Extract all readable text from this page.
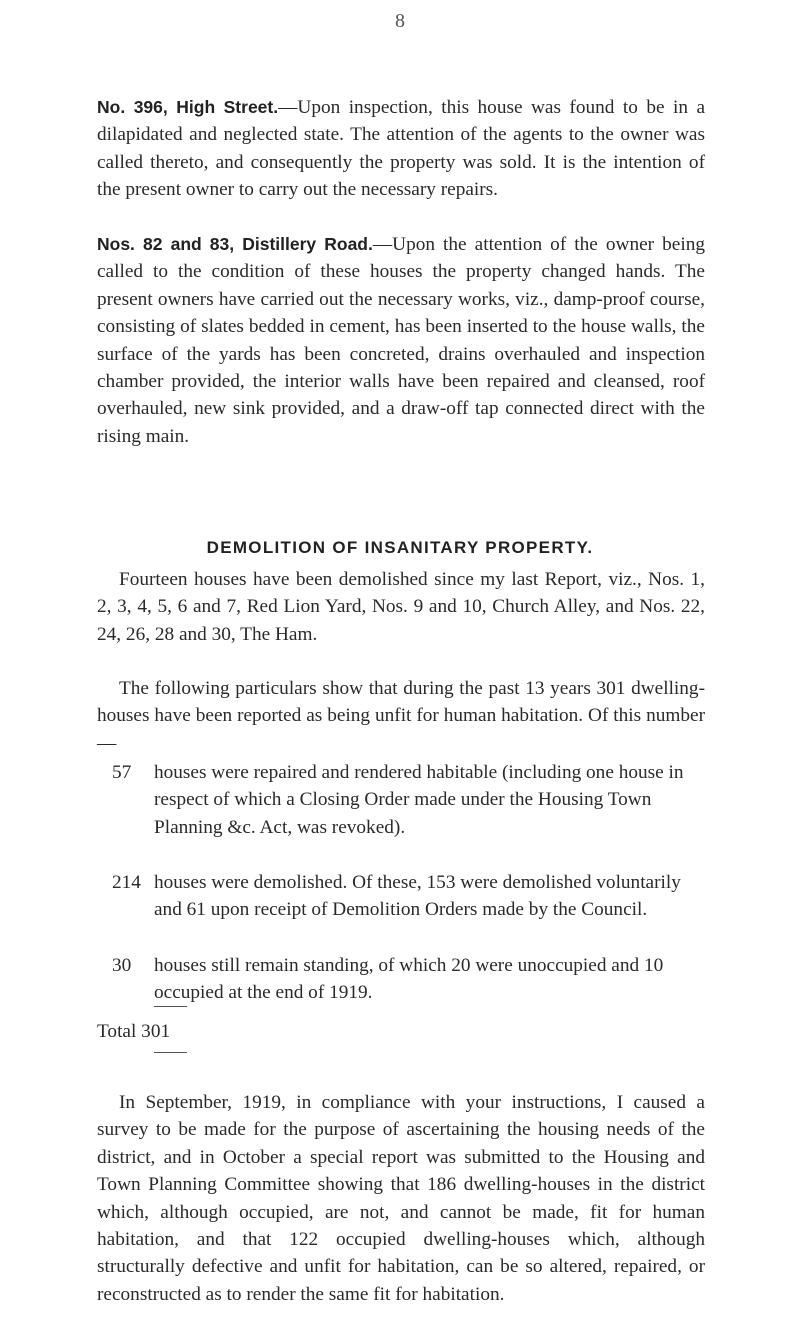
8

No. 396, High Street.—Upon inspection, this house was found to be in a dilapidated and neglected state. The attention of the agents to the owner was called thereto, and consequently the property was sold. It is the intention of the present owner to carry out the necessary repairs.

Nos. 82 and 83, Distillery Road.—Upon the attention of the owner being called to the condition of these houses the property changed hands. The present owners have carried out the necessary works, viz., damp-proof course, consisting of slates bedded in cement, has been inserted to the house walls, the surface of the yards has been concreted, drains overhauled and inspection chamber provided, the interior walls have been repaired and cleansed, roof overhauled, new sink provided, and a draw-off tap connected direct with the rising main.

DEMOLITION OF INSANITARY PROPERTY.

Fourteen houses have been demolished since my last Report, viz., Nos. 1, 2, 3, 4, 5, 6 and 7, Red Lion Yard, Nos. 9 and 10, Church Alley, and Nos. 22, 24, 26, 28 and 30, The Ham.

The following particulars show that during the past 13 years 301 dwelling-houses have been reported as being unfit for human habitation. Of this number—

57 houses were repaired and rendered habitable (including one house in respect of which a Closing Order made under the Housing Town Planning &c. Act, was revoked).

214 houses were demolished. Of these, 153 were demolished voluntarily and 61 upon receipt of Demolition Orders made by the Council.

30 houses still remain standing, of which 20 were unoccupied and 10 occupied at the end of 1919.

Total 301

In September, 1919, in compliance with your instructions, I caused a survey to be made for the purpose of ascertaining the housing needs of the district, and in October a special report was submitted to the Housing and Town Planning Committee showing that 186 dwelling-houses in the district which, although occupied, are not, and cannot be made, fit for human habitation, and that 122 occupied dwelling-houses which, although structurally defective and unfit for habitation, can be so altered, repaired, or reconstructed as to render the same fit for habitation.
